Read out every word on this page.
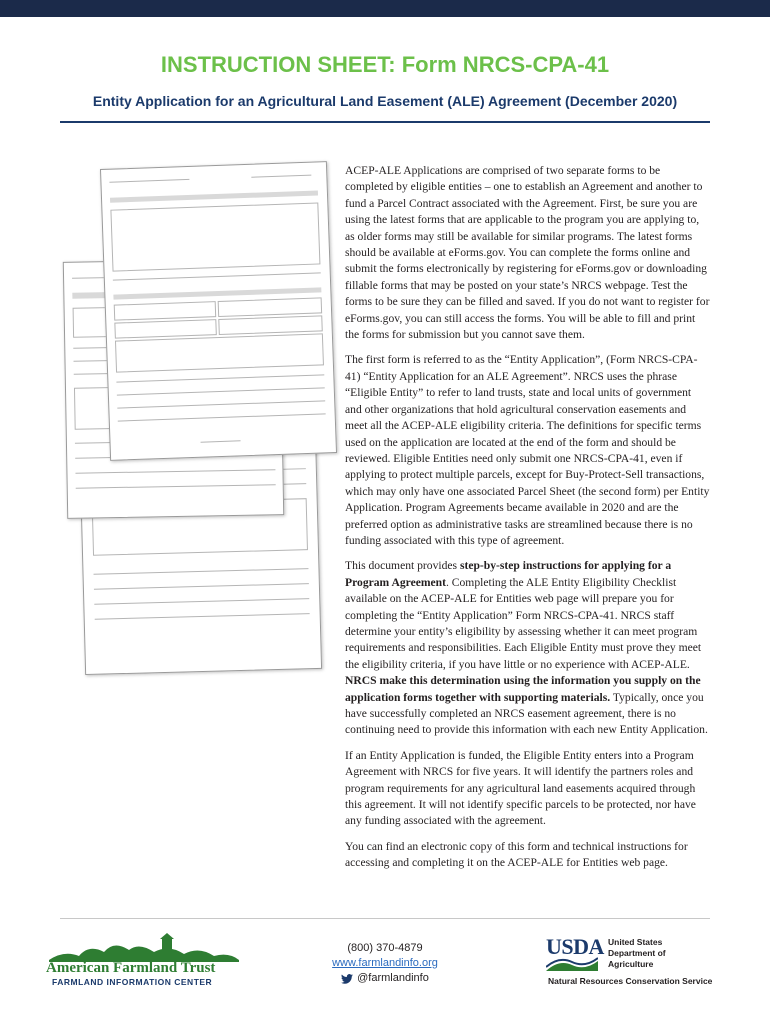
INSTRUCTION SHEET: Form NRCS-CPA-41
Entity Application for an Agricultural Land Easement (ALE) Agreement (December 2020)

ACEP-ALE Applications are comprised of two separate forms to be completed by eligible entities – one to establish an Agreement and another to fund a Parcel Contract associated with the Agreement. First, be sure you are using the latest forms that are applicable to the program you are applying to, as older forms may still be available for similar programs. The latest forms should be available at eForms.gov. You can complete the forms online and submit the forms electronically by registering for eForms.gov or downloading fillable forms that may be posted on your state’s NRCS webpage. Test the forms to be sure they can be filled and saved. If you do not want to register for eForms.gov, you can still access the forms. You will be able to fill and print the forms for submission but you cannot save them.

The first form is referred to as the “Entity Application”, (Form NRCS-CPA-41) “Entity Application for an ALE Agreement”. NRCS uses the phrase “Eligible Entity” to refer to land trusts, state and local units of government and other organizations that hold agricultural conservation easements and meet all the ACEP-ALE eligibility criteria. The definitions for specific terms used on the application are located at the end of the form and should be reviewed. Eligible Entities need only submit one NRCS-CPA-41, even if applying to protect multiple parcels, except for Buy-Protect-Sell transactions, which may only have one associated Parcel Sheet (the second form) per Entity Application. Program Agreements became available in 2020 and are the preferred option as administrative tasks are streamlined because there is no funding associated with this type of agreement.

This document provides step-by-step instructions for applying for a Program Agreement. Completing the ALE Entity Eligibility Checklist available on the ACEP-ALE for Entities web page will prepare you for completing the “Entity Application” Form NRCS-CPA-41. NRCS staff determine your entity’s eligibility by assessing whether it can meet program requirements and responsibilities. Each Eligible Entity must prove they meet the eligibility criteria, if you have little or no experience with ACEP-ALE. NRCS make this determination using the information you supply on the application forms together with supporting materials. Typically, once you have successfully completed an NRCS easement agreement, there is no continuing need to provide this information with each new Entity Application.

If an Entity Application is funded, the Eligible Entity enters into a Program Agreement with NRCS for five years. It will identify the partners roles and program requirements for any agricultural land easements acquired through this agreement. It will not identify specific parcels to be protected, nor have any funding associated with the agreement.

You can find an electronic copy of this form and technical instructions for accessing and completing it on the ACEP-ALE for Entities web page.

American Farmland Trust
FARMLAND INFORMATION CENTER
(800) 370-4879
www.farmlandinfo.org
@farmlandinfo
USDA United States
Department of
Agriculture
Natural Resources Conservation Service
